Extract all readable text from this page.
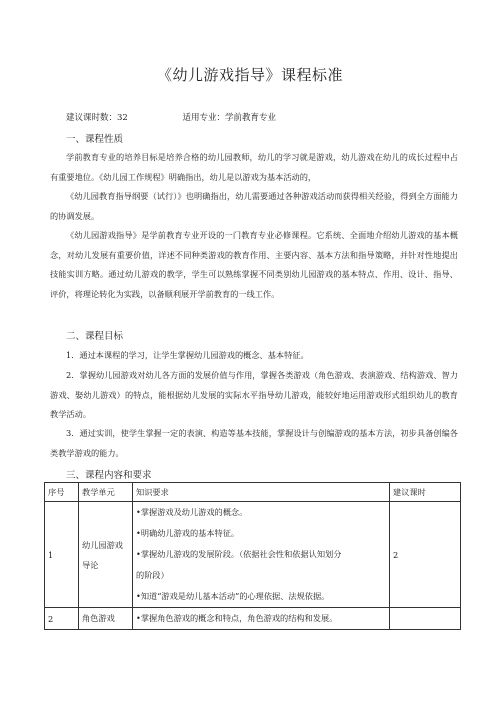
《幼儿游戏指导》课程标准
建议课时数：32	适用专业：学前教育专业
一、课程性质
学前教育专业的培养目标是培养合格的幼儿园教师，幼儿的学习就是游戏，幼儿游戏在幼儿的成长过程中占有重要地位。《幼儿园工作规程》明确指出，幼儿是以游戏为基本活动的，
《幼儿园教育指导纲要（试行）》也明确指出，幼儿需要通过各种游戏活动而获得相关经验，得到全方面能力的协调发展。
《幼儿园游戏指导》是学前教育专业开设的一门教育专业必修课程。它系统、全面地介绍幼儿游戏的基本概念，对幼儿发展有重要价值，详述不同种类游戏的教育作用、主要内容、基本方法和指导策略，并针对性地提出技能实训方略。通过幼儿游戏的教学，学生可以熟练掌握不同类别幼儿园游戏的基本特点、作用、设计、指导、评价，将理论转化为实践，以备顺利展开学前教育的一线工作。
二、课程目标
1．通过本课程的学习，让学生掌握幼儿园游戏的概念、基本特征。
2．掌握幼儿园游戏对幼儿各方面的发展价值与作用，掌握各类游戏（角色游戏、表演游戏、结构游戏、智力游戏、娶幼儿游戏）的特点，能根据幼儿发展的实际水平指导幼儿游戏，能较好地运用游戏形式组织幼儿的教育教学活动。
3．通过实训，使学生掌握一定的表演、构造等基本技能，掌握设计与创编游戏的基本方法，初步具备创编各类教学游戏的能力。
三、课程内容和要求
序号	教学单元	知识要求	建议课时
1	幼儿园游戏导论	•掌握游戏及幼儿游戏的概念。
•明确幼儿游戏的基本特征。
•掌握幼儿游戏的发展阶段。（依据社会性和依据认知划分
的阶段）
•知道“游戏是幼儿基本活动”的心理依据、法规依据。	2
2	角色游戏	•掌握角色游戏的概念和特点，角色游戏的结构和发展。	
